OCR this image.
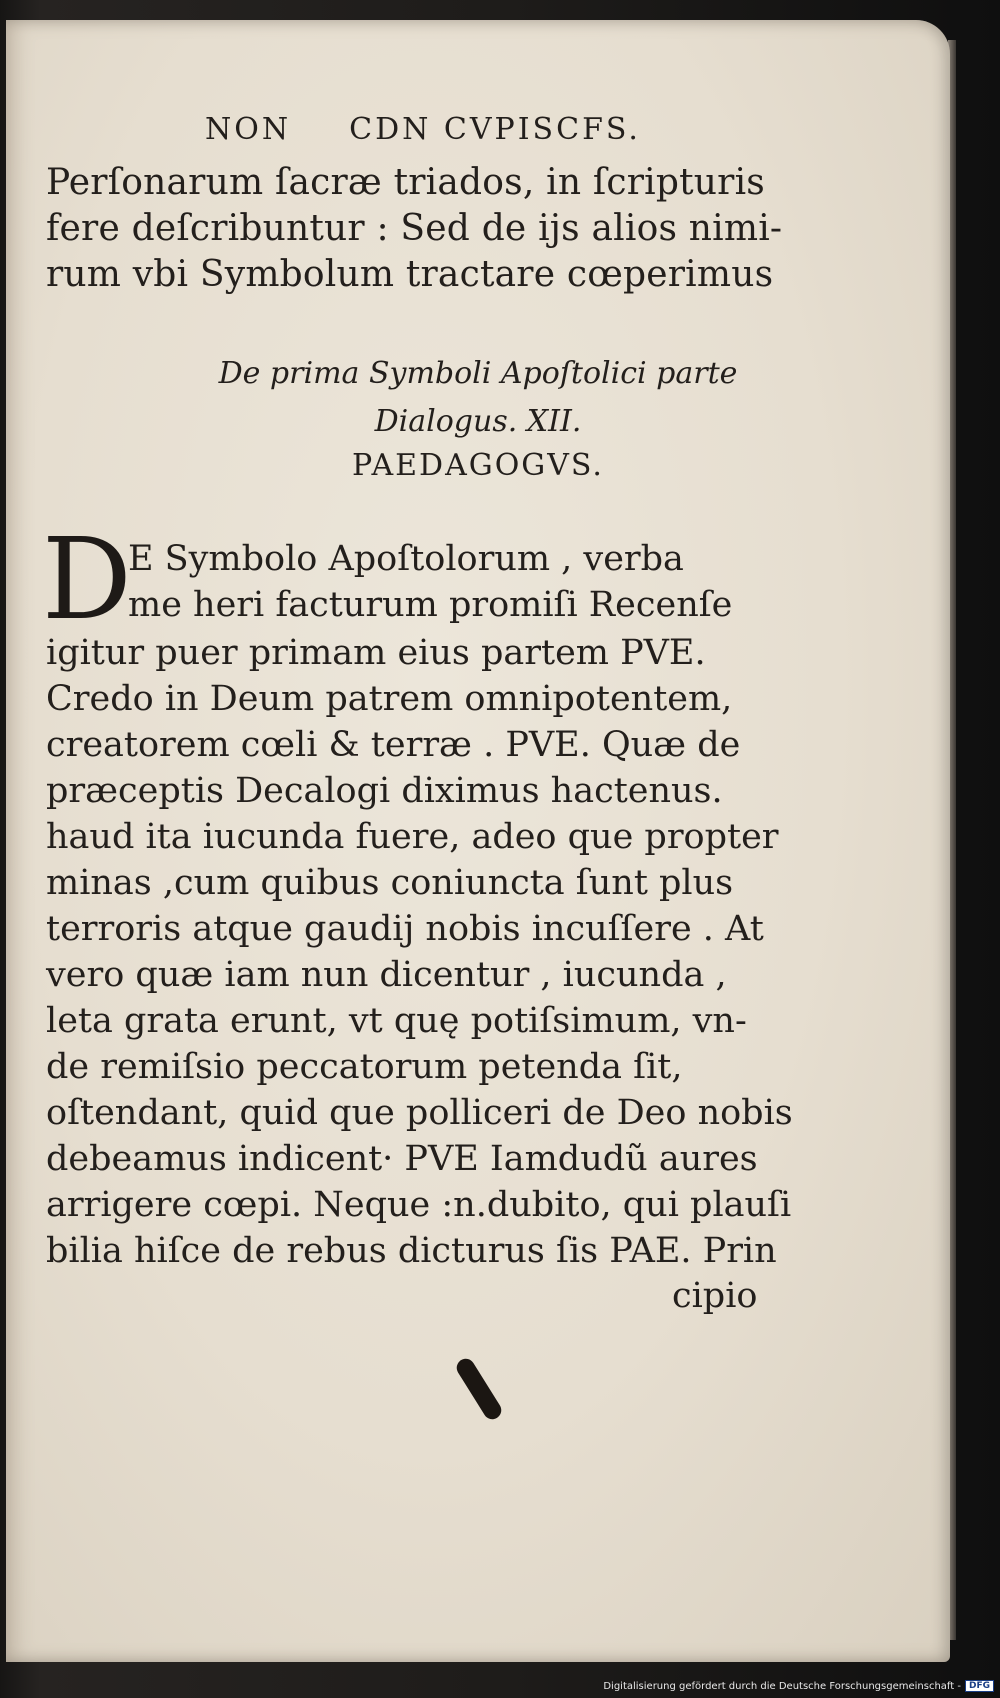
NON CDN CVPISCFS.
Perſonarum ſacræ triados, in ſcripturis
fere deſcribuntur : Sed de ijs alios nimi-
rum vbi Symbolum tractare cœperimus
De prima Symboli Apoſtolici parte
Dialogus. XII.
PAEDAGOGVS.
D
E Symbolo Apoſtolorum , verba
me heri facturum promiſi Recenſe
igitur puer primam eius partem PVE.
Credo in Deum patrem omnipotentem,
creatorem cœli & terræ . PVE. Quæ de
præceptis Decalogi diximus hactenus.
haud ita iucunda fuere, adeo que propter
minas ,cum quibus coniuncta ſunt plus
terroris atque gaudij nobis incuſſere . At
vero quæ iam nun dicentur , iucunda ,
leta grata erunt, vt quę potiſsimum, vn-
de remiſsio peccatorum petenda ſit,
oſtendant, quid que polliceri de Deo nobis
debeamus indicent· PVE Iamdudũ aures
arrigere cœpi. Neque :n.dubito, qui plauſi
bilia hiſce de rebus dicturus ſis PAE. Prin
cipio
Digitalisierung gefördert durch die Deutsche Forschungsgemeinschaft - DFG
